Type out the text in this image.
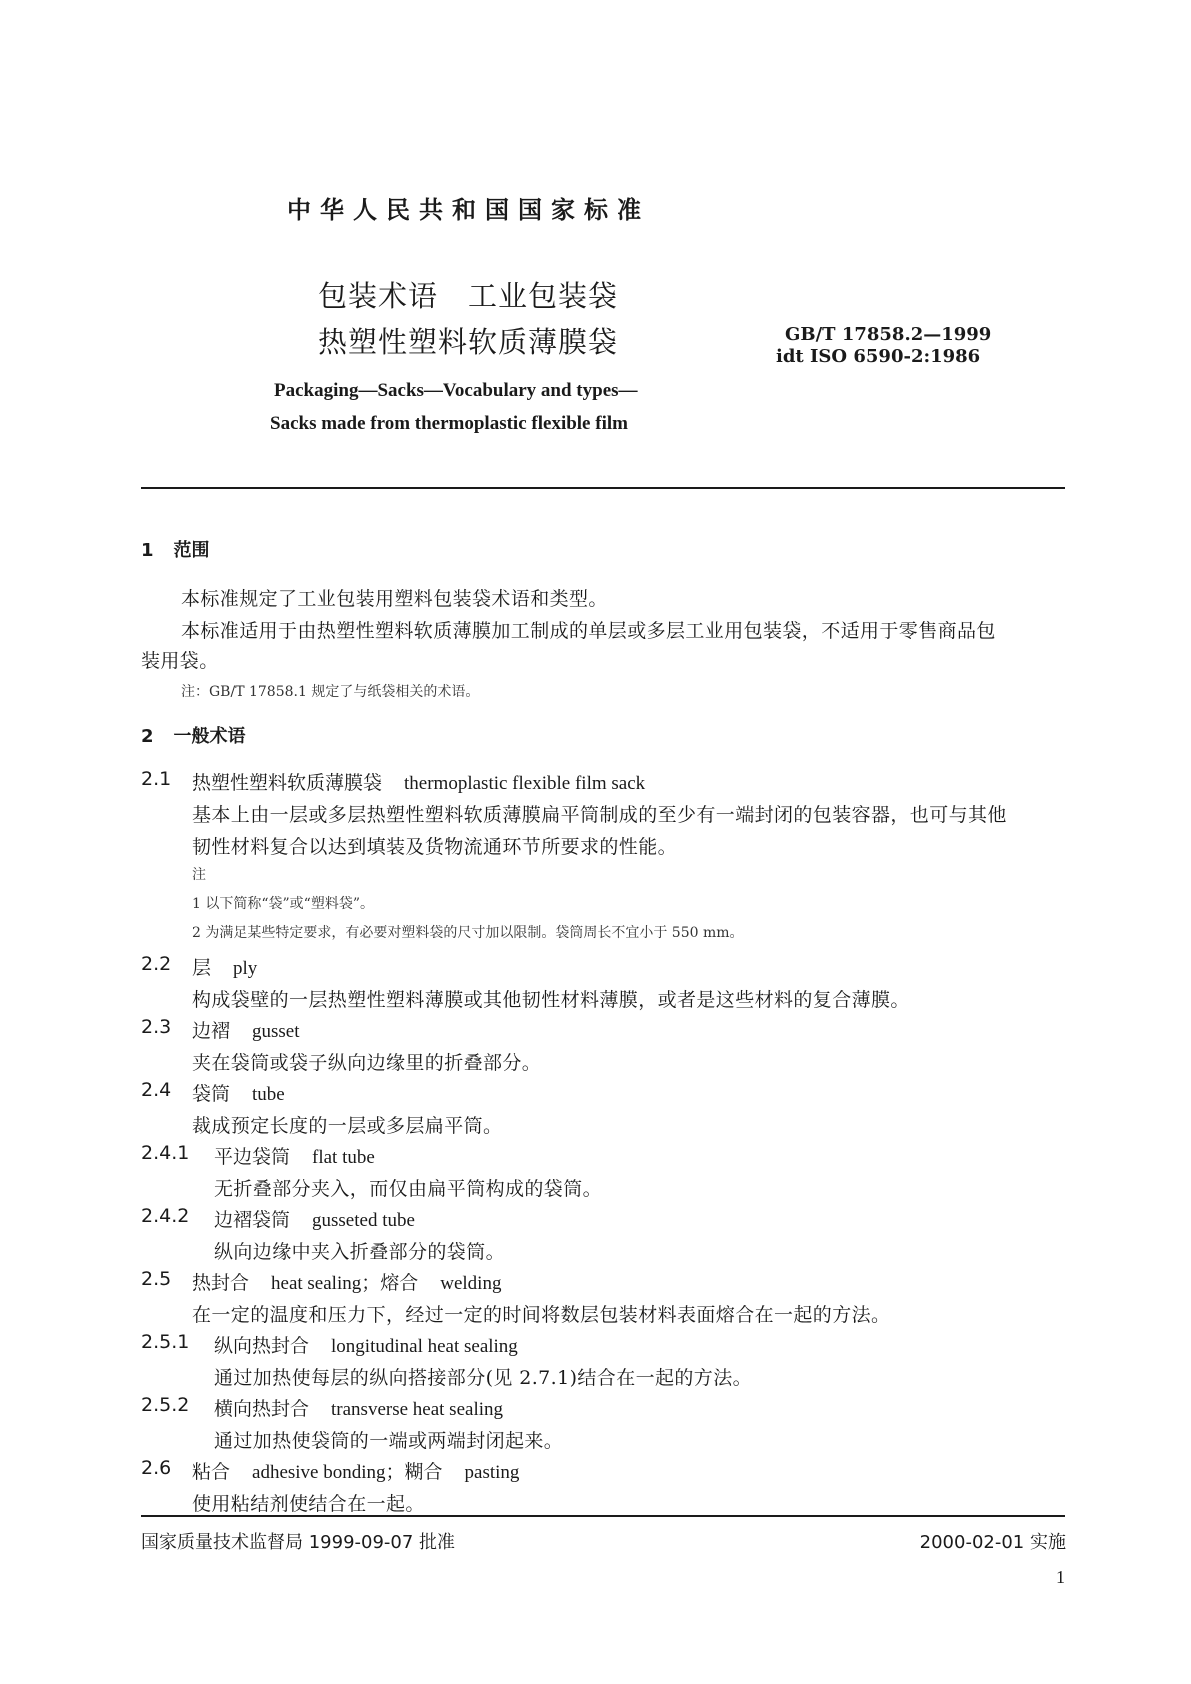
中华人民共和国国家标准
包装术语　工业包装袋
热塑性塑料软质薄膜袋	GB/T 17858.2—1999
idt ISO 6590-2:1986
Packaging—Sacks—Vocabulary and types—
Sacks made from thermoplastic flexible film
1 范围
本标准规定了工业包装用塑料包装袋术语和类型。
本标准适用于由热塑性塑料软质薄膜加工制成的单层或多层工业用包装袋，不适用于零售商品包
装用袋。
注：GB/T 17858.1 规定了与纸袋相关的术语。
2 一般术语
2.1 热塑性塑料软质薄膜袋 thermoplastic flexible film sack
基本上由一层或多层热塑性塑料软质薄膜扁平筒制成的至少有一端封闭的包装容器，也可与其他
韧性材料复合以达到填装及货物流通环节所要求的性能。
注
1 以下简称“袋”或“塑料袋”。
2 为满足某些特定要求，有必要对塑料袋的尺寸加以限制。袋筒周长不宜小于 550 mm。
2.2 层 ply
构成袋壁的一层热塑性塑料薄膜或其他韧性材料薄膜，或者是这些材料的复合薄膜。
2.3 边褶 gusset
夹在袋筒或袋子纵向边缘里的折叠部分。
2.4 袋筒 tube
裁成预定长度的一层或多层扁平筒。
2.4.1 平边袋筒 flat tube
无折叠部分夹入，而仅由扁平筒构成的袋筒。
2.4.2 边褶袋筒 gusseted tube
纵向边缘中夹入折叠部分的袋筒。
2.5 热封合 heat sealing；熔合 welding
在一定的温度和压力下，经过一定的时间将数层包装材料表面熔合在一起的方法。
2.5.1 纵向热封合 longitudinal heat sealing
通过加热使每层的纵向搭接部分(见 2.7.1)结合在一起的方法。
2.5.2 横向热封合 transverse heat sealing
通过加热使袋筒的一端或两端封闭起来。
2.6 粘合 adhesive bonding；糊合 pasting
使用粘结剂使结合在一起。
国家质量技术监督局 1999-09-07 批准	2000-02-01 实施
1
